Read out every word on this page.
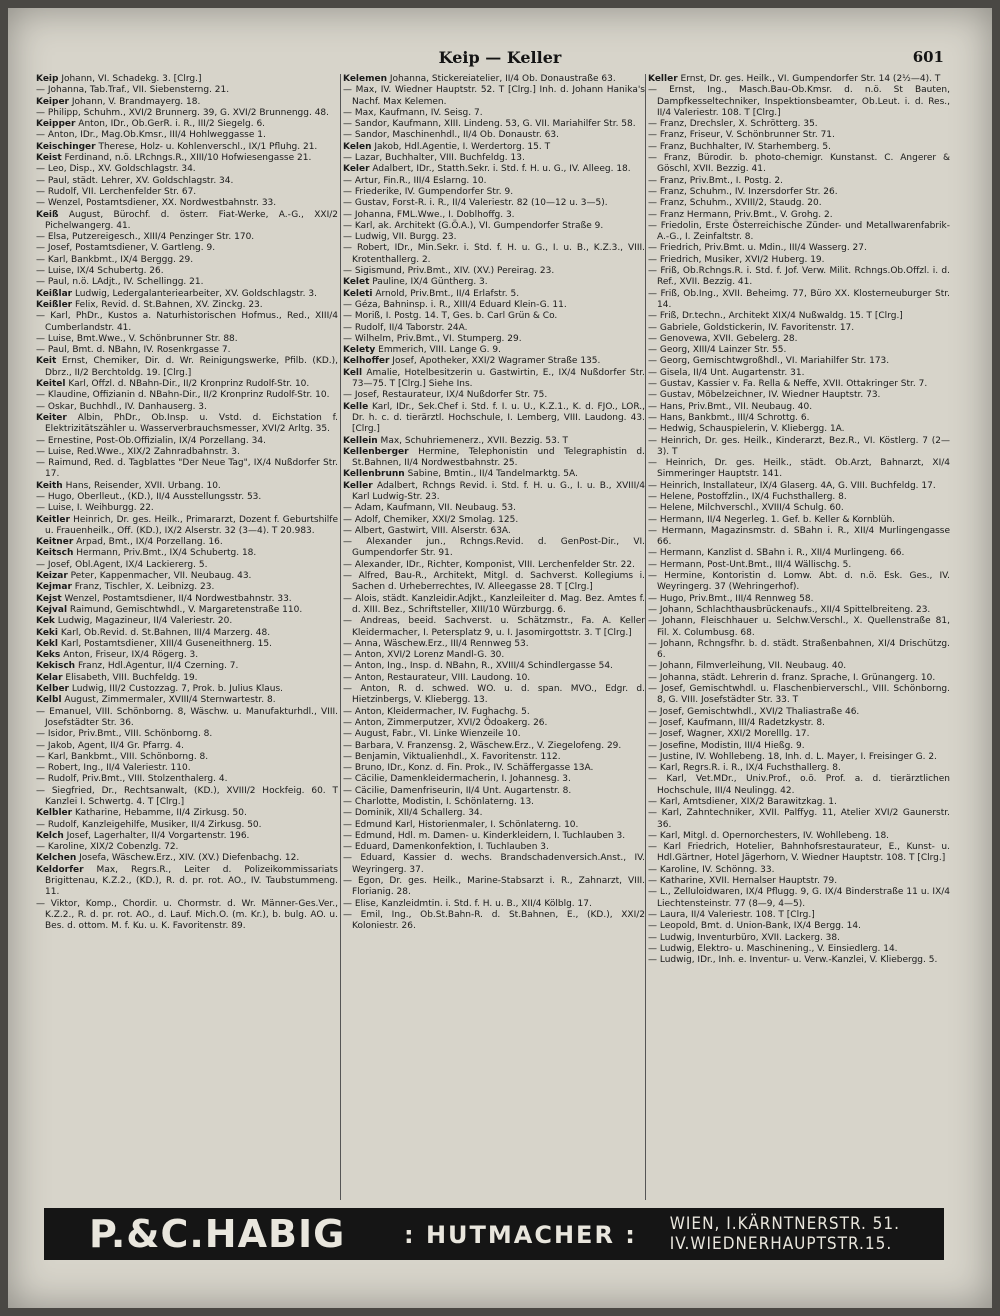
Keip — Keller	601
Keip Johann, VI. Schadekg. 3. [Clrg.]
— Johanna, Tab.Traf., VII. Siebensterng. 21.
Keiper Johann, V. Brandmayerg. 18.
— Philipp, Schuhm., XVI/2 Brunnerg. 39, G. XVI/2 Brunnengg. 48.
Keipper Anton, IDr., Ob.GerR. i. R., III/2 Siegelg. 6.
— Anton, IDr., Mag.Ob.Kmsr., III/4 Hohlweggasse 1.
Keischinger Therese, Holz- u. Kohlenverschl., IX/1 Pfluhg. 21.
Keist Ferdinand, n.ö. LRchngs.R., XIII/10 Hofwiesengasse 21.
— Leo, Disp., XV. Goldschlagstr. 34.
— Paul, städt. Lehrer, XV. Goldschlagstr. 34.
— Rudolf, VII. Lerchenfelder Str. 67.
— Wenzel, Postamtsdiener, XX. Nordwestbahnstr. 33.
Keiß August, Bürochf. d. österr. Fiat-Werke, A.-G., XXI/2 Pichelwangerg. 41.
— Elsa, Putzereigesch., XIII/4 Penzinger Str. 170.
— Josef, Postamtsdiener, V. Gartleng. 9.
— Karl, Bankbmt., IX/4 Berggg. 29.
— Luise, IX/4 Schubertg. 26.
— Paul, n.ö. LAdjt., IV. Schellingg. 21.
Keißlar Ludwig, Ledergalanteriearbeiter, XV. Goldschlagstr. 3.
Keißler Felix, Revid. d. St.Bahnen, XV. Zinckg. 23.
— Karl, PhDr., Kustos a. Naturhistorischen Hofmus., Red., XIII/4 Cumberlandstr. 41.
— Luise, Bmt.Wwe., V. Schönbrunner Str. 88.
— Paul, Bmt. d. NBahn, IV. Rosenkrgasse 7.
Keit Ernst, Chemiker, Dir. d. Wr. Reinigungswerke, Pfilb. (KD.), Dbrz., II/2 Berchtoldg. 19. [Clrg.]
Keitel Karl, Offzl. d. NBahn-Dir., II/2 Kronprinz Rudolf-Str. 10.
— Klaudine, Offizianin d. NBahn-Dir., II/2 Kronprinz Rudolf-Str. 10.
— Oskar, Buchhdl., IV. Danhauserg. 3.
Keiter Albin, PhDr., Ob.Insp. u. Vstd. d. Eichstation f. Elektrizitätszähler u. Wasserverbrauchsmesser, XVI/2 Arltg. 35.
— Ernestine, Post-Ob.Offizialin, IX/4 Porzellang. 34.
— Luise, Red.Wwe., XIX/2 Zahnradbahnstr. 3.
— Raimund, Red. d. Tagblattes "Der Neue Tag", IX/4 Nußdorfer Str. 17.
Keith Hans, Reisender, XVII. Urbang. 10.
— Hugo, Oberlleut., (KD.), II/4 Ausstellungsstr. 53.
— Luise, I. Weihburgg. 22.
Keitler Heinrich, Dr. ges. Heilk., Primararzt, Dozent f. Geburtshilfe u. Frauenheilk., Off. (KD.), IX/2 Alserstr. 32 (3—4). T 20.983.
Keitner Arpad, Bmt., IX/4 Porzellang. 16.
Keitsch Hermann, Priv.Bmt., IX/4 Schubertg. 18.
— Josef, Obl.Agent, IX/4 Lackiererg. 5.
Keizar Peter, Kappenmacher, VII. Neubaug. 43.
Kejmar Franz, Tischler, X. Leibnizg. 23.
Kejst Wenzel, Postamtsdiener, II/4 Nordwestbahnstr. 33.
Kejval Raimund, Gemischtwhdl., V. Margaretenstraße 110.
Kek Ludwig, Magazineur, II/4 Valeriestr. 20.
Keki Karl, Ob.Revid. d. St.Bahnen, III/4 Marzerg. 48.
Kekl Karl, Postamtsdiener, XIII/4 Guseneithnerg. 15.
Keks Anton, Friseur, IX/4 Rögerg. 3.
Kekisch Franz, Hdl.Agentur, II/4 Czerning. 7.
Kelar Elisabeth, VIII. Buchfeldg. 19.
Kelber Ludwig, III/2 Custozzag. 7, Prok. b. Julius Klaus.
Kelbl August, Zimmermaler, XVIII/4 Sternwartestr. 8.
— Emanuel, VIII. Schönborng. 8, Wäschw. u. Manufakturhdl., VIII. Josefstädter Str. 36.
— Isidor, Priv.Bmt., VIII. Schönborng. 8.
— Jakob, Agent, II/4 Gr. Pfarrg. 4.
— Karl, Bankbmt., VIII. Schönborng. 8.
— Robert, Ing., II/4 Valeriestr. 110.
— Rudolf, Priv.Bmt., VIII. Stolzenthalerg. 4.
— Siegfried, Dr., Rechtsanwalt, (KD.), XVIII/2 Hockfeig. 60. T Kanzlei I. Schwertg. 4. T [Clrg.]
Kelbler Katharine, Hebamme, II/4 Zirkusg. 50.
— Rudolf, Kanzleigehilfe, Musiker, II/4 Zirkusg. 50.
Kelch Josef, Lagerhalter, II/4 Vorgartenstr. 196.
— Karoline, XIX/2 Cobenzlg. 72.
Kelchen Josefa, Wäschew.Erz., XIV. (XV.) Diefenbachg. 12.
Keldorfer Max, Regrs.R., Leiter d. Polizeikommissariats Brigittenau, K.Z.2., (KD.), R. d. pr. rot. AO., IV. Taubstummeng. 11.
— Viktor, Komp., Chordir. u. Chormstr. d. Wr. Männer-Ges.Ver., K.Z.2., R. d. pr. rot. AO., d. Lauf. Mich.O. (m. Kr.), b. bulg. AO. u. Bes. d. ottom. M. f. Ku. u. K. Favoritenstr. 89.
Kelemen Johanna, Stickereiatelier, II/4 Ob. Donaustraße 63.
— Max, IV. Wiedner Hauptstr. 52. T [Clrg.] Inh. d. Johann Hanika's Nachf. Max Kelemen.
— Max, Kaufmann, IV. Seisg. 7.
— Sandor, Kaufmann, XIII. Lindeng. 53, G. VII. Mariahilfer Str. 58.
— Sandor, Maschinenhdl., II/4 Ob. Donaustr. 63.
Kelen Jakob, Hdl.Agentie, I. Werdertorg. 15. T
— Lazar, Buchhalter, VIII. Buchfeldg. 13.
Keler Adalbert, IDr., Statth.Sekr. i. Std. f. H. u. G., IV. Alleeg. 18.
— Artur, Fin.R., III/4 Eslarng. 10.
— Friederike, IV. Gumpendorfer Str. 9.
— Gustav, Forst-R. i. R., II/4 Valeriestr. 82 (10—12 u. 3—5).
— Johanna, FML.Wwe., I. Doblhoffg. 3.
— Karl, ak. Architekt (G.Ö.A.), VI. Gumpendorfer Straße 9.
— Ludwig, VII. Burgg. 23.
— Robert, IDr., Min.Sekr. i. Std. f. H. u. G., I. u. B., K.Z.3., VIII. Krotenthallerg. 2.
— Sigismund, Priv.Bmt., XIV. (XV.) Pereirag. 23.
Kelet Pauline, IX/4 Güntherg. 3.
Keleti Arnold, Priv.Bmt., II/4 Erlafstr. 5.
— Géza, Bahninsp. i. R., XIII/4 Eduard Klein-G. 11.
— Moriß, I. Postg. 14. T, Ges. b. Carl Grün & Co.
— Rudolf, II/4 Taborstr. 24A.
— Wilhelm, Priv.Bmt., VI. Stumperg. 29.
Kelety Emmerich, VIII. Lange G. 9.
Kelhoffer Josef, Apotheker, XXI/2 Wagramer Straße 135.
Kell Amalie, Hotelbesitzerin u. Gastwirtin, E., IX/4 Nußdorfer Str. 73—75. T [Clrg.] Siehe Ins.
— Josef, Restaurateur, IX/4 Nußdorfer Str. 75.
Kelle Karl, IDr., Sek.Chef i. Std. f. I. u. U., K.Z.1., K. d. FJO., LOR., Dr. h. c. d. tierärztl. Hochschule, I. Lemberg, VIII. Laudong. 43. [Clrg.]
Kellein Max, Schuhriemenerz., XVII. Bezzig. 53. T
Kellenberger Hermine, Telephonistin und Telegraphistin d. St.Bahnen, II/4 Nordwestbahnstr. 25.
Kellenbrunn Sabine, Bmtin., II/4 Tandelmarktg. 5A.
Keller Adalbert, Rchngs Revid. i. Std. f. H. u. G., I. u. B., XVIII/4 Karl Ludwig-Str. 23.
— Adam, Kaufmann, VII. Neubaug. 53.
— Adolf, Chemiker, XXI/2 Smolag. 125.
— Albert, Gastwirt, VIII. Alserstr. 63A.
— Alexander jun., Rchngs.Revid. d. GenPost-Dir., VI. Gumpendorfer Str. 91.
— Alexander, IDr., Richter, Komponist, VIII. Lerchenfelder Str. 22.
— Alfred, Bau-R., Architekt, Mitgl. d. Sachverst. Kollegiums i. Sachen d. Urheberrechtes, IV. Alleegasse 28. T [Clrg.]
— Alois, städt. Kanzleidir.Adjkt., Kanzleileiter d. Mag. Bez. Amtes f. d. XIII. Bez., Schriftsteller, XIII/10 Würzburgg. 6.
— Andreas, beeid. Sachverst. u. Schätzmstr., Fa. A. Keller Kleidermacher, I. Petersplatz 9, u. I. Jasomirgottstr. 3. T [Clrg.]
— Anna, Wäschew.Erz., III/4 Rennweg 53.
— Anton, XVI/2 Lorenz Mandl-G. 30.
— Anton, Ing., Insp. d. NBahn, R., XVIII/4 Schindlergasse 54.
— Anton, Restaurateur, VIII. Laudong. 10.
— Anton, R. d. schwed. WO. u. d. span. MVO., Edgr. d. Hietzinbergs, V. Kliebergg. 13.
— Anton, Kleidermacher, IV. Fughachg. 5.
— Anton, Zimmerputzer, XVI/2 Ödoakerg. 26.
— August, Fabr., VI. Linke Wienzeile 10.
— Barbara, V. Franzensg. 2, Wäschew.Erz., V. Ziegelofeng. 29.
— Benjamin, Viktualienhdl., X. Favoritenstr. 112.
— Bruno, IDr., Konz. d. Fin. Prok., IV. Schäffergasse 13A.
— Cäcilie, Damenkleidermacherin, I. Johannesg. 3.
— Cäcilie, Damenfriseurin, II/4 Unt. Augartenstr. 8.
— Charlotte, Modistin, I. Schönlaterng. 13.
— Dominik, XII/4 Schallerg. 34.
— Edmund Karl, Historienmaler, I. Schönlaterng. 10.
— Edmund, Hdl. m. Damen- u. Kinderkleidern, I. Tuchlauben 3.
— Eduard, Damenkonfektion, I. Tuchlauben 3.
— Eduard, Kassier d. wechs. Brandschadenversich.Anst., IV. Weyringerg. 37.
— Egon, Dr. ges. Heilk., Marine-Stabsarzt i. R., Zahnarzt, VIII. Florianig. 28.
— Elise, Kanzleidmtin. i. Std. f. H. u. B., XII/4 Kölblg. 17.
— Emil, Ing., Ob.St.Bahn-R. d. St.Bahnen, E., (KD.), XXI/2 Koloniestr. 26.
Keller Ernst, Dr. ges. Heilk., VI. Gumpendorfer Str. 14 (2½—4). T
— Ernst, Ing., Masch.Bau-Ob.Kmsr. d. n.ö. St Bauten, Dampfkesseltechniker, Inspektionsbeamter, Ob.Leut. i. d. Res., II/4 Valeriestr. 108. T [Clrg.]
— Franz, Drechsler, X. Schrötterg. 35.
— Franz, Friseur, V. Schönbrunner Str. 71.
— Franz, Buchhalter, IV. Starhemberg. 5.
— Franz, Bürodir. b. photo-chemigr. Kunstanst. C. Angerer & Göschl, XVII. Bezzig. 41.
— Franz, Priv.Bmt., I. Postg. 2.
— Franz, Schuhm., IV. Inzersdorfer Str. 26.
— Franz, Schuhm., XVIII/2, Staudg. 20.
— Franz Hermann, Priv.Bmt., V. Grohg. 2.
— Friedolin, Erste Österreichische Zünder- und Metallwarenfabrik-A.-G., I. Zeinfaltstr. 8.
— Friedrich, Priv.Bmt. u. Mdin., III/4 Wasserg. 27.
— Friedrich, Musiker, XVI/2 Huberg. 19.
— Friß, Ob.Rchngs.R. i. Std. f. Jof. Verw. Milit. Rchngs.Ob.Offzl. i. d. Ref., XVII. Bezzig. 41.
— Friß, Ob.Ing., XVII. Beheimg. 77, Büro XX. Klosterneuburger Str. 14.
— Friß, Dr.techn., Architekt XIX/4 Nußwaldg. 15. T [Clrg.]
— Gabriele, Goldstickerin, IV. Favoritenstr. 17.
— Genovewa, XVII. Gebelerg. 28.
— Georg, XIII/4 Lainzer Str. 55.
— Georg, Gemischtwgroßhdl., VI. Mariahilfer Str. 173.
— Gisela, II/4 Unt. Augartenstr. 31.
— Gustav, Kassier v. Fa. Rella & Neffe, XVII. Ottakringer Str. 7.
— Gustav, Möbelzeichner, IV. Wiedner Hauptstr. 73.
— Hans, Priv.Bmt., VII. Neubaug. 40.
— Hans, Bankbmt., III/4 Schrottg. 6.
— Hedwig, Schauspielerin, V. Kliebergg. 1A.
— Heinrich, Dr. ges. Heilk., Kinderarzt, Bez.R., VI. Köstlerg. 7 (2—3). T
— Heinrich, Dr. ges. Heilk., städt. Ob.Arzt, Bahnarzt, XI/4 Simmeringer Hauptstr. 141.
— Heinrich, Installateur, IX/4 Glaserg. 4A, G. VIII. Buchfeldg. 17.
— Helene, Postoffzlin., IX/4 Fuchsthallerg. 8.
— Helene, Milchverschl., XVIII/4 Schulg. 60.
— Hermann, II/4 Negerleg. 1. Gef. b. Keller & Kornblüh.
— Hermann, Magazinsmstr. d. SBahn i. R., XII/4 Murlingengasse 66.
— Hermann, Kanzlist d. SBahn i. R., XII/4 Murlingeng. 66.
— Hermann, Post-Unt.Bmt., III/4 Wällischg. 5.
— Hermine, Kontoristin d. Lomw. Abt. d. n.ö. Esk. Ges., IV. Weyringerg. 37 (Wehringerhof).
— Hugo, Priv.Bmt., III/4 Rennweg 58.
— Johann, Schlachthausbrückenaufs., XII/4 Spittelbreiteng. 23.
— Johann, Fleischhauer u. Selchw.Verschl., X. Quellenstraße 81, Fil. X. Columbusg. 68.
— Johann, Rchngsfhr. b. d. städt. Straßenbahnen, XI/4 Drischützg. 6.
— Johann, Filmverleihung, VII. Neubaug. 40.
— Johanna, städt. Lehrerin d. franz. Sprache, I. Grünangerg. 10.
— Josef, Gemischtwhdl. u. Flaschenbierverschl., VIII. Schönborng. 8, G. VIII. Josefstädter Str. 33. T
— Josef, Gemischtwhdl., XVI/2 Thaliastraße 46.
— Josef, Kaufmann, III/4 Radetzkystr. 8.
— Josef, Wagner, XXI/2 Morelllg. 17.
— Josefine, Modistin, III/4 Hießg. 9.
— Justine, IV. Wohllebeng. 18, Inh. d. L. Mayer, I. Freisinger G. 2.
— Karl, Regrs.R. i. R., IX/4 Fuchsthallerg. 8.
— Karl, Vet.MDr., Univ.Prof., o.ö. Prof. a. d. tierärztlichen Hochschule, III/4 Neulingg. 42.
— Karl, Amtsdiener, XIX/2 Barawitzkag. 1.
— Karl, Zahntechniker, XVII. Palffyg. 11, Atelier XVI/2 Gaunerstr. 36.
— Karl, Mitgl. d. Opernorchesters, IV. Wohllebeng. 18.
— Karl Friedrich, Hotelier, Bahnhofsrestaurateur, E., Kunst- u. Hdl.Gärtner, Hotel Jägerhorn, V. Wiedner Hauptstr. 108. T [Clrg.]
— Karoline, IV. Schönng. 33.
— Katharine, XVII. Hernalser Hauptstr. 79.
— L., Zelluloidwaren, IX/4 Pflugg. 9, G. IX/4 Binderstraße 11 u. IX/4 Liechtensteinstr. 77 (8—9, 4—5).
— Laura, II/4 Valeriestr. 108. T [Clrg.]
— Leopold, Bmt. d. Union-Bank, IX/4 Bergg. 14.
— Ludwig, Inventurbüro, XVII. Lackerg. 38.
— Ludwig, Elektro- u. Maschinening., V. Einsiedlerg. 14.
— Ludwig, IDr., Inh. e. Inventur- u. Verw.-Kanzlei, V. Kliebergg. 5.
P.&C.HABIG : HUTMACHER : WIEN, I.KÄRNTNERSTR. 51.
IV.WIEDNERHAUPTSTR.15.
